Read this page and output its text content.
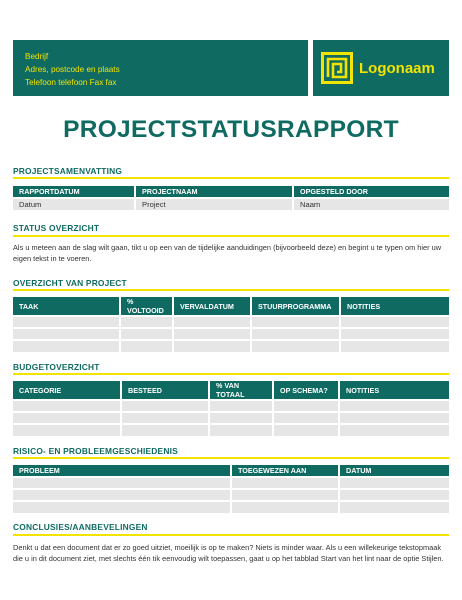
Bedrijf
Adres, postcode en plaats
Telefoon telefoon Fax fax
Logonaam
PROJECTSTATUSRAPPORT
PROJECTSAMENVATTING
RAPPORTDATUM	PROJECTNAAM	OPGESTELD DOOR
Datum	Project	Naam
STATUS OVERZICHT
Als u meteen aan de slag wilt gaan, tikt u op een van de tijdelijke aanduidingen (bijvoorbeeld deze) en begint u te typen om hier uw eigen tekst in te voeren.
OVERZICHT VAN PROJECT
TAAK	% VOLTOOID	VERVALDATUM	STUURPROGRAMMA	NOTITIES

BUDGETOVERZICHT
CATEGORIE	BESTEED	% VAN TOTAAL	OP SCHEMA?	NOTITIES

RISICO- EN PROBLEEMGESCHIEDENIS
PROBLEEM	TOEGEWEZEN AAN	DATUM

CONCLUSIES/AANBEVELINGEN
Denkt u dat een document dat er zo goed uitziet, moeilijk is op te maken? Niets is minder waar. Als u een willekeurige tekstopmaak die u in dit document ziet, met slechts één tik eenvoudig wilt toepassen, gaat u op het tabblad Start van het lint naar de optie Stijlen.
